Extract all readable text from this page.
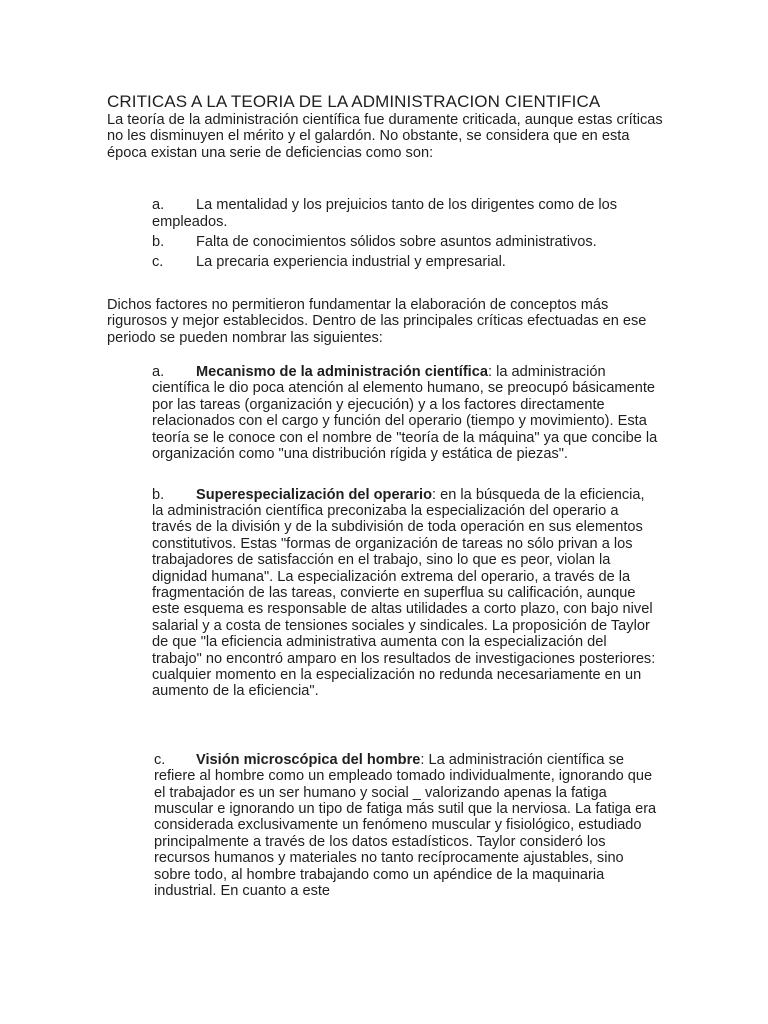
CRITICAS A LA TEORIA DE LA ADMINISTRACION CIENTIFICA

La teoría de la administración científica fue duramente criticada, aunque estas críticas no les disminuyen el mérito y el galardón. No obstante, se considera que en esta época existan una serie de deficiencias como son:

a. La mentalidad y los prejuicios tanto de los dirigentes como de los empleados.
b. Falta de conocimientos sólidos sobre asuntos administrativos.
c. La precaria experiencia industrial y empresarial.

Dichos factores no permitieron fundamentar la elaboración de conceptos más rigurosos y mejor establecidos. Dentro de las principales críticas efectuadas en ese periodo se pueden nombrar las siguientes:

a. Mecanismo de la administración científica: la administración científica le dio poca atención al elemento humano, se preocupó básicamente por las tareas (organización y ejecución) y a los factores directamente relacionados con el cargo y función del operario (tiempo y movimiento). Esta teoría se le conoce con el nombre de "teoría de la máquina" ya que concibe la organización como "una distribución rígida y estática de piezas".
b. Superespecialización del operario: en la búsqueda de la eficiencia, la administración científica preconizaba la especialización del operario a través de la división y de la subdivisión de toda operación en sus elementos constitutivos. Estas "formas de organización de tareas no sólo privan a los trabajadores de satisfacción en el trabajo, sino lo que es peor, violan la dignidad humana". La especialización extrema del operario, a través de la fragmentación de las tareas, convierte en superflua su calificación, aunque este esquema es responsable de altas utilidades a corto plazo, con bajo nivel salarial y a costa de tensiones sociales y sindicales. La proposición de Taylor de que "la eficiencia administrativa aumenta con la especialización del trabajo" no encontró amparo en los resultados de investigaciones posteriores: cualquier momento en la especialización no redunda necesariamente en un aumento de la eficiencia".
c. Visión microscópica del hombre: La administración científica se refiere al hombre como un empleado tomado individualmente, ignorando que el trabajador es un ser humano y social _ valorizando apenas la fatiga muscular e ignorando un tipo de fatiga más sutil que la nerviosa. La fatiga era considerada exclusivamente un fenómeno muscular y fisiológico, estudiado principalmente a través de los datos estadísticos. Taylor consideró los recursos humanos y materiales no tanto recíprocamente ajustables, sino sobre todo, al hombre trabajando como un apéndice de la maquinaria industrial. En cuanto a este
